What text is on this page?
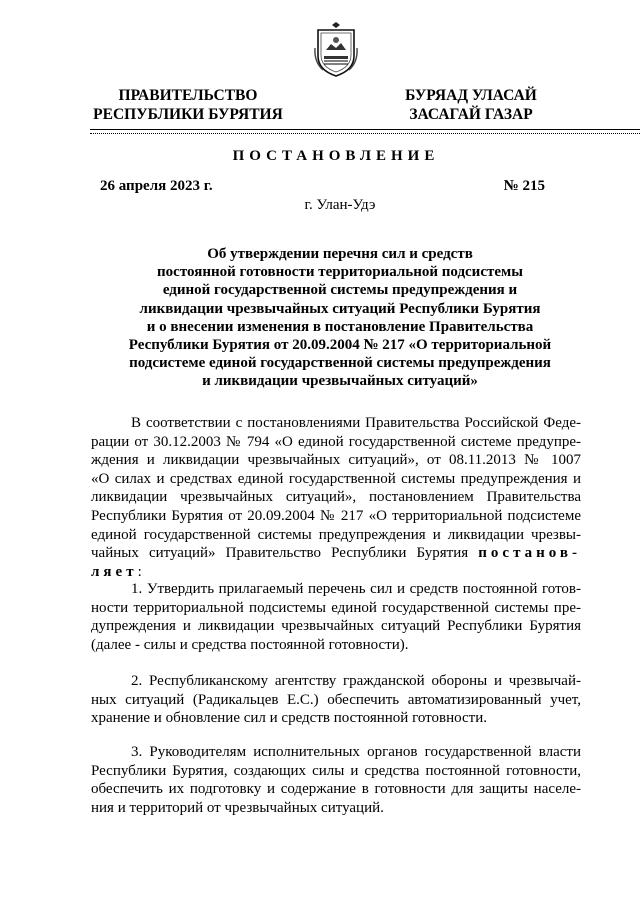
ПРАВИТЕЛЬСТВО
РЕСПУБЛИКИ БУРЯТИЯ
БУРЯАД УЛАСАЙ
ЗАСАГАЙ ГАЗАР
ПОСТАНОВЛЕНИЕ
26 апреля 2023 г.	№ 215
г. Улан-Удэ
Об утверждении перечня сил и средств
постоянной готовности территориальной подсистемы
единой государственной системы предупреждения и
ликвидации чрезвычайных ситуаций Республики Бурятия
и о внесении изменения в постановление Правительства
Республики Бурятия от 20.09.2004 № 217 «О территориальной
подсистеме единой государственной системы предупреждения
и ликвидации чрезвычайных ситуаций»
В соответствии с постановлениями Правительства Российской Феде-
рации от 30.12.2003 № 794 «О единой государственной системе предупре-
ждения и ликвидации чрезвычайных ситуаций», от 08.11.2013 № 1007
«О силах и средствах единой государственной системы предупреждения и
ликвидации чрезвычайных ситуаций», постановлением Правительства
Республики Бурятия от 20.09.2004 № 217 «О территориальной подсистеме
единой государственной системы предупреждения и ликвидации чрезвы-
чайных ситуаций» Правительство Республики Бурятия постанов-
ляет:
1. Утвердить прилагаемый перечень сил и средств постоянной готов-
ности территориальной подсистемы единой государственной системы пре-
дупреждения и ликвидации чрезвычайных ситуаций Республики Бурятия
(далее - силы и средства постоянной готовности).
2. Республиканскому агентству гражданской обороны и чрезвычай-
ных ситуаций (Радикальцев Е.С.) обеспечить автоматизированный учет,
хранение и обновление сил и средств постоянной готовности.
3. Руководителям исполнительных органов государственной власти
Республики Бурятия, создающих силы и средства постоянной готовности,
обеспечить их подготовку и содержание в готовности для защиты населе-
ния и территорий от чрезвычайных ситуаций.
